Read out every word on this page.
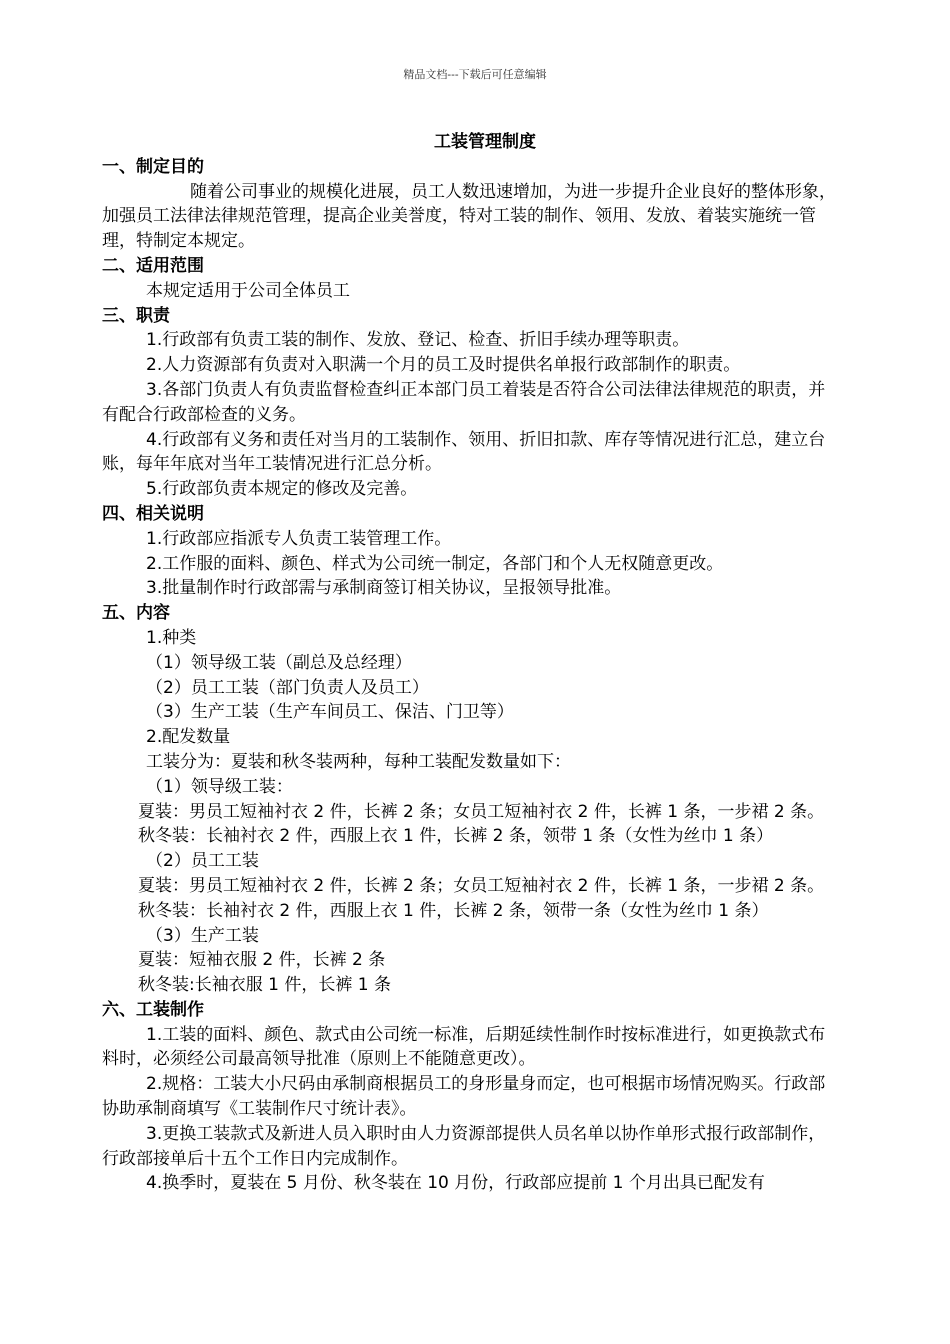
精品文档---下载后可任意编辑

工装管理制度

一、制定目的

随着公司事业的规模化进展，员工人数迅速增加，为进一步提升企业良好的整体形象，加强员工法律法律规范管理，提高企业美誉度，特对工装的制作、领用、发放、着装实施统一管理，特制定本规定。

二、适用范围

本规定适用于公司全体员工

三、职责

1.行政部有负责工装的制作、发放、登记、检查、折旧手续办理等职责。

2.人力资源部有负责对入职满一个月的员工及时提供名单报行政部制作的职责。

3.各部门负责人有负责监督检查纠正本部门员工着装是否符合公司法律法律规范的职责，并有配合行政部检查的义务。

4.行政部有义务和责任对当月的工装制作、领用、折旧扣款、库存等情况进行汇总，建立台账，每年年底对当年工装情况进行汇总分析。

5.行政部负责本规定的修改及完善。

四、相关说明

1.行政部应指派专人负责工装管理工作。

2.工作服的面料、颜色、样式为公司统一制定，各部门和个人无权随意更改。

3.批量制作时行政部需与承制商签订相关协议，呈报领导批准。

五、内容

1.种类

（1）领导级工装（副总及总经理）

（2）员工工装（部门负责人及员工）

（3）生产工装（生产车间员工、保洁、门卫等）

2.配发数量

工装分为：夏装和秋冬装两种，每种工装配发数量如下：

（1）领导级工装：

夏装：男员工短袖衬衣 2 件，长裤 2 条；女员工短袖衬衣 2 件，长裤 1 条，一步裙 2 条。

秋冬装：长袖衬衣 2 件，西服上衣 1 件，长裤 2 条，领带 1 条（女性为丝巾 1 条）

（2）员工工装

夏装：男员工短袖衬衣 2 件，长裤 2 条；女员工短袖衬衣 2 件，长裤 1 条，一步裙 2 条。

秋冬装：长袖衬衣 2 件，西服上衣 1 件，长裤 2 条，领带一条（女性为丝巾 1 条）

（3）生产工装

夏装：短袖衣服 2 件，长裤 2 条

秋冬装:长袖衣服 1 件，长裤 1 条

六、工装制作

1.工装的面料、颜色、款式由公司统一标准，后期延续性制作时按标准进行，如更换款式布料时，必须经公司最高领导批准（原则上不能随意更改）。

2.规格：工装大小尺码由承制商根据员工的身形量身而定，也可根据市场情况购买。行政部协助承制商填写《工装制作尺寸统计表》。

3.更换工装款式及新进人员入职时由人力资源部提供人员名单以协作单形式报行政部制作，行政部接单后十五个工作日内完成制作。

4.换季时，夏装在 5 月份、秋冬装在 10 月份，行政部应提前 1 个月出具已配发有
